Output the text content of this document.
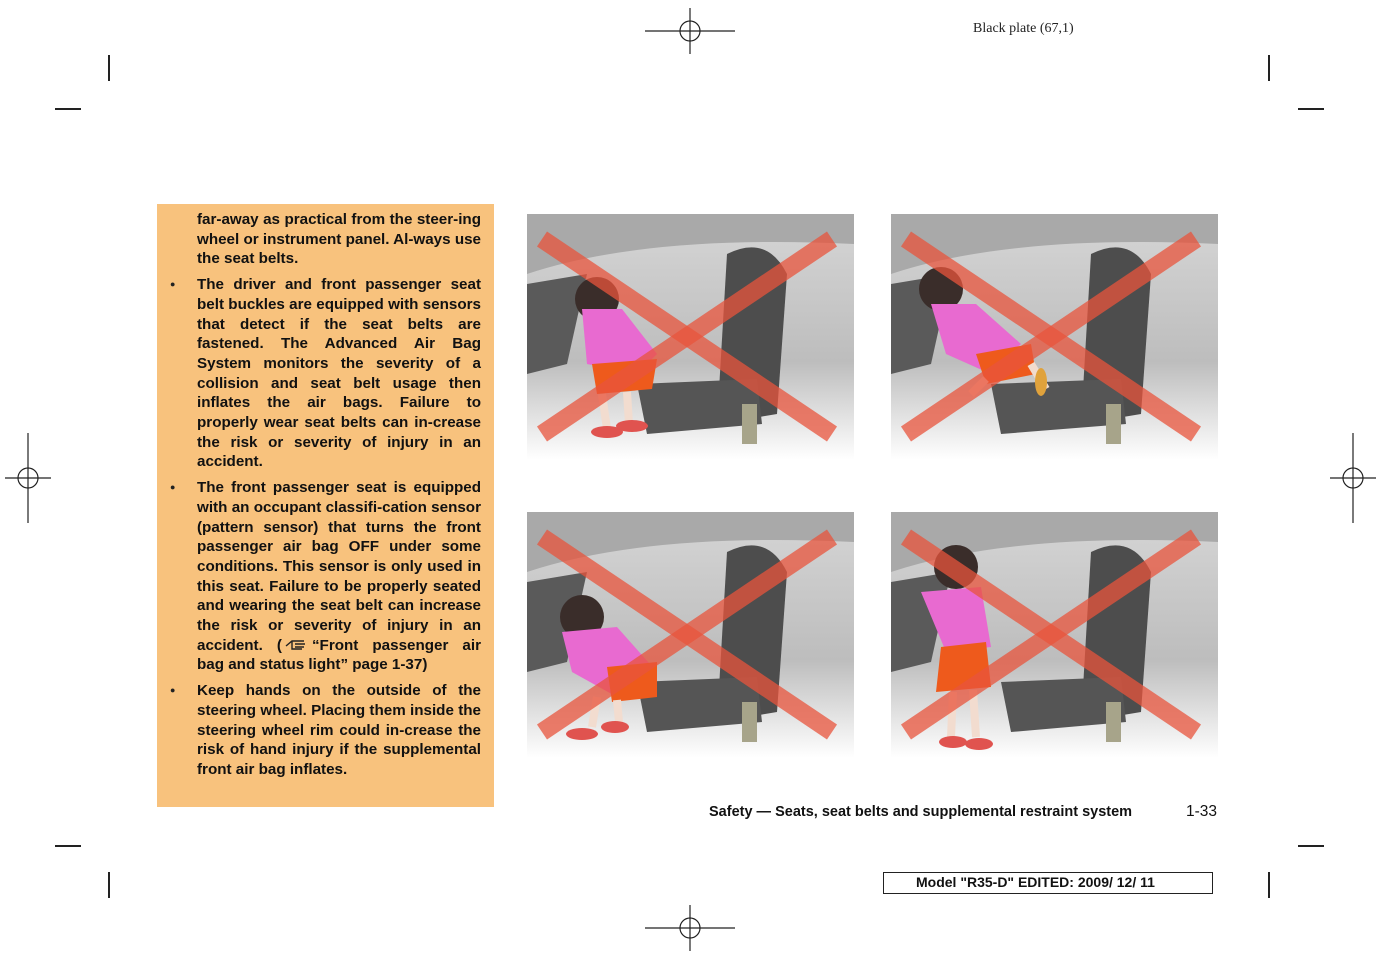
Black plate (67,1)

far-away as practical from the steer-ing wheel or instrument panel. Al-ways use the seat belts.

● The driver and front passenger seat belt buckles are equipped with sensors that detect if the seat belts are fastened. The Advanced Air Bag System monitors the severity of a collision and seat belt usage then inflates the air bags. Failure to properly wear seat belts can in-crease the risk or severity of injury in an accident.
● The front passenger seat is equipped with an occupant classifi-cation sensor (pattern sensor) that turns the front passenger air bag OFF under some conditions. This sensor is only used in this seat. Failure to be properly seated and wearing the seat belt can increase the risk or severity of injury in an accident. ( “Front passenger air bag and status light” page 1-37)
● Keep hands on the outside of the steering wheel. Placing them inside the steering wheel rim could in-crease the risk of hand injury if the supplemental front air bag inflates.
Safety — Seats, seat belts and supplemental restraint system	1-33
Model "R35-D" EDITED: 2009/ 12/ 11
